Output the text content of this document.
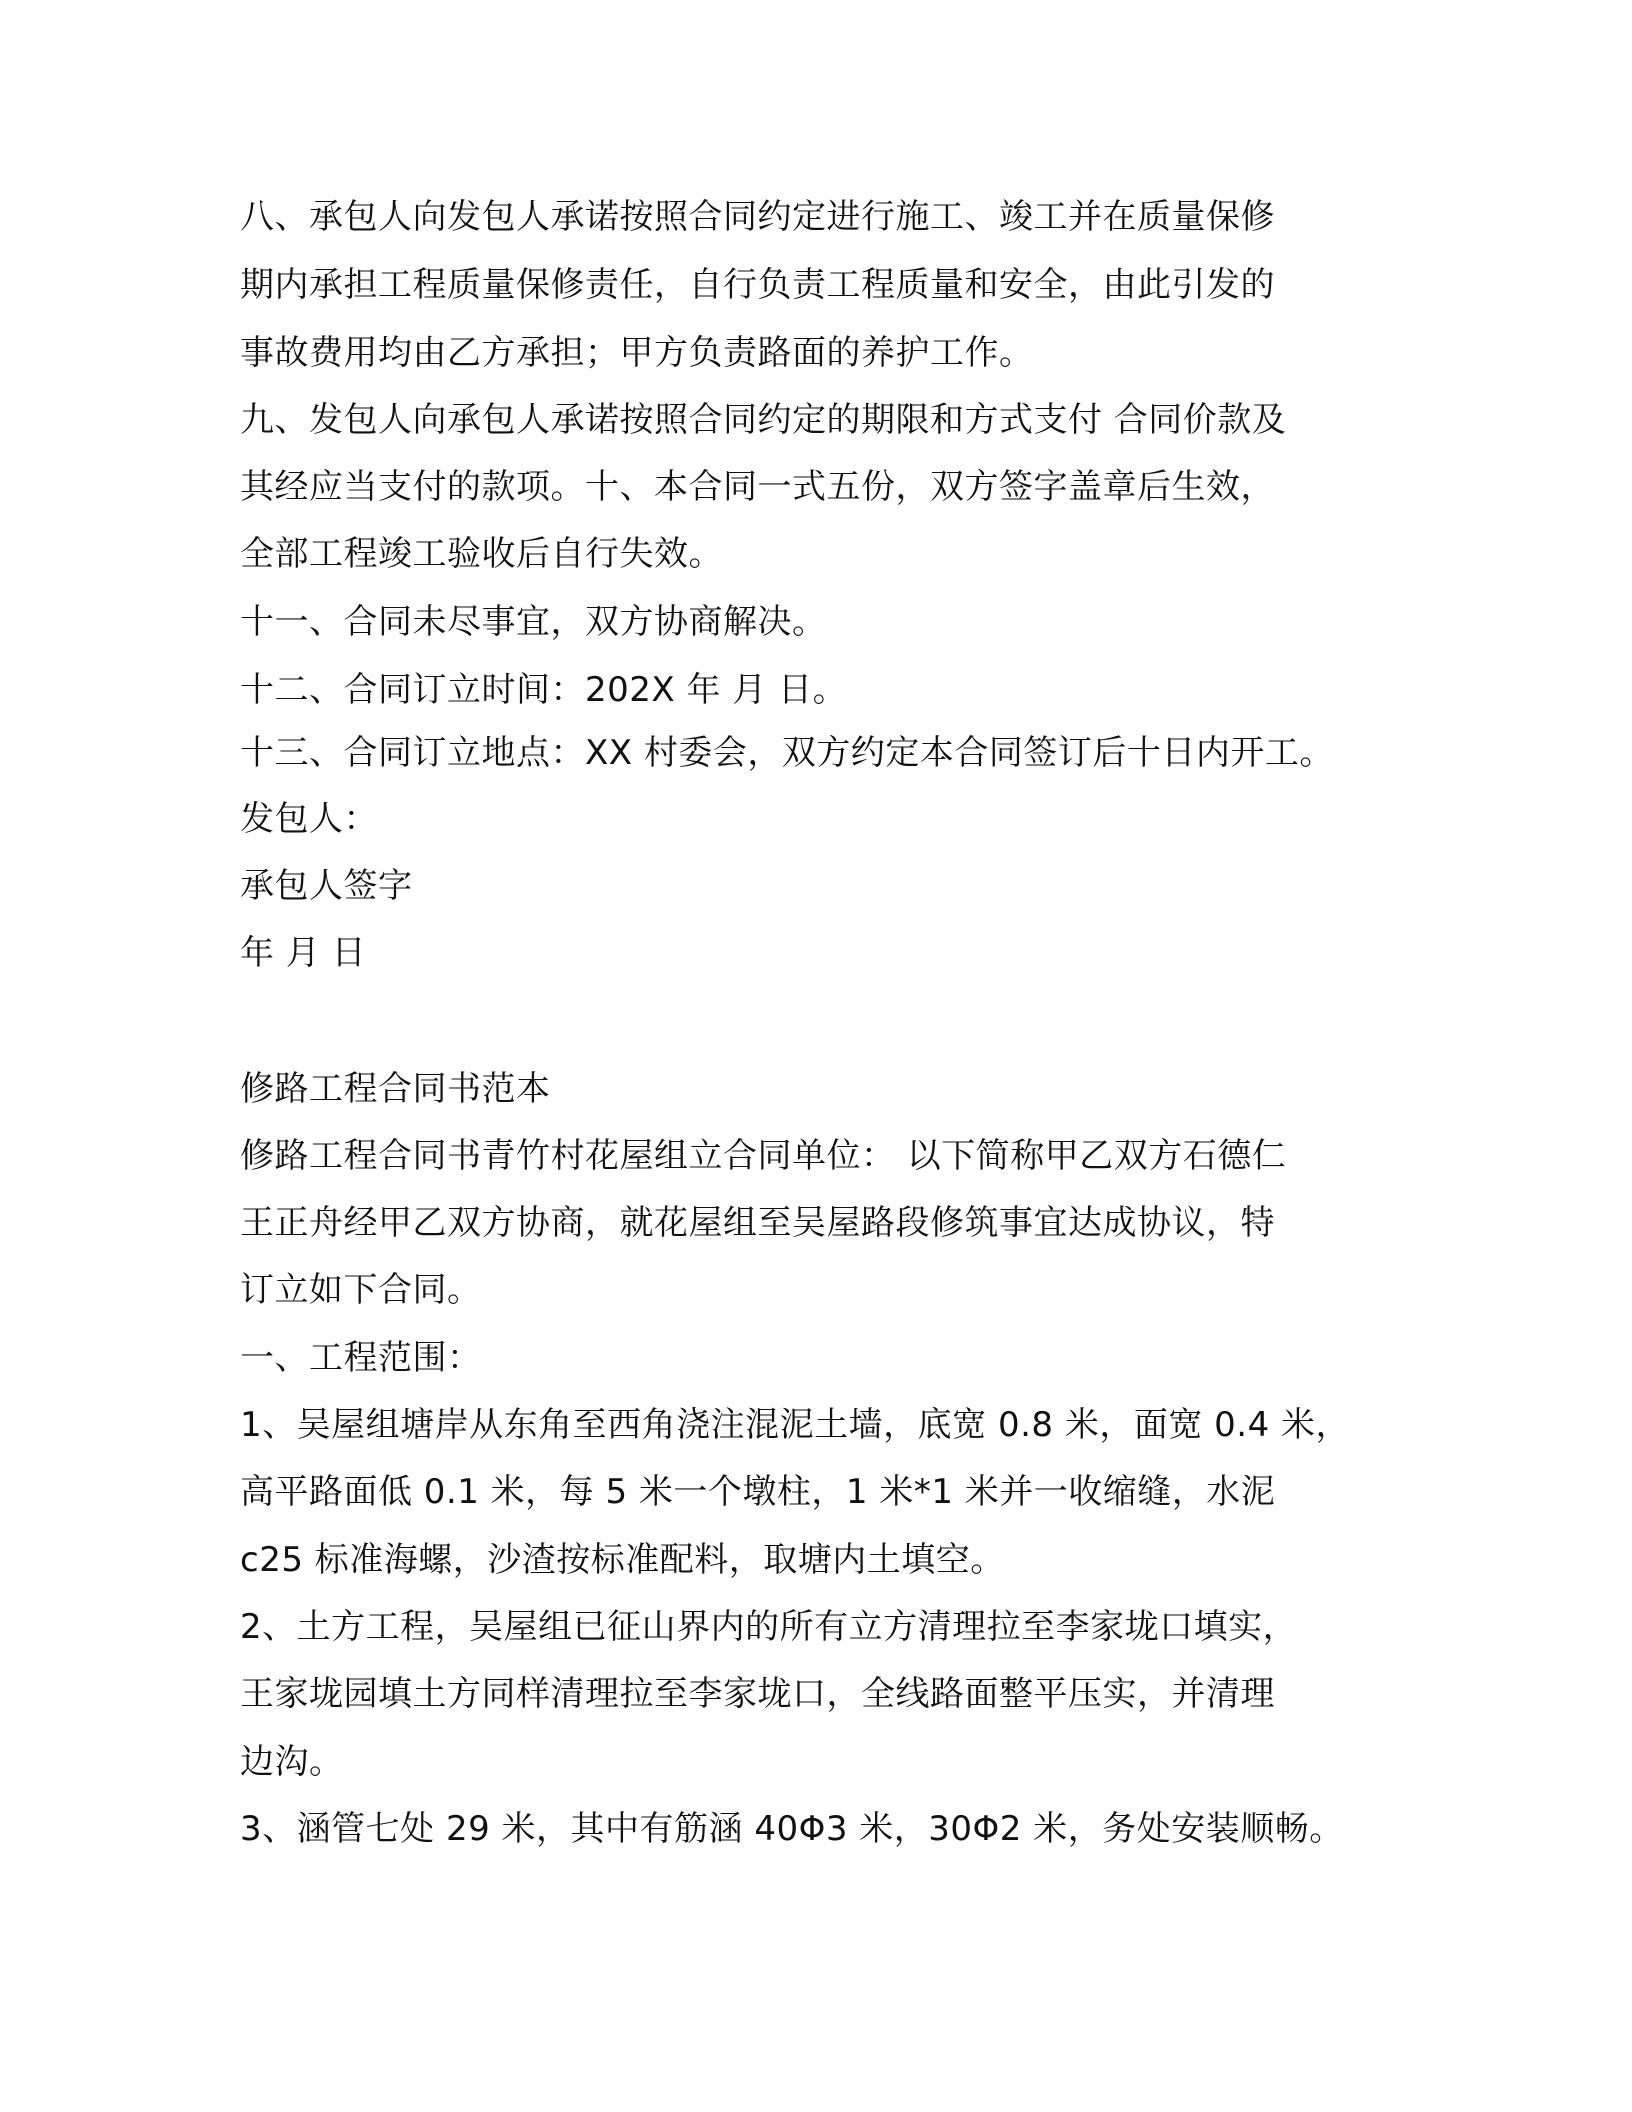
八、承包人向发包人承诺按照合同约定进行施工、竣工并在质量保修
期内承担工程质量保修责任，自行负责工程质量和安全，由此引发的
事故费用均由乙方承担；甲方负责路面的养护工作。
九、发包人向承包人承诺按照合同约定的期限和方式支付 合同价款及
其经应当支付的款项。十、本合同一式五份，双方签字盖章后生效，
全部工程竣工验收后自行失效。
十一、合同未尽事宜，双方协商解决。
十二、合同订立时间：202X 年 月 日。
十三、合同订立地点：XX 村委会，双方约定本合同签订后十日内开工。
发包人：
承包人签字
年 月 日
修路工程合同书范本
修路工程合同书青竹村花屋组立合同单位： 以下简称甲乙双方石德仁
王正舟经甲乙双方协商，就花屋组至吴屋路段修筑事宜达成协议，特
订立如下合同。
一、工程范围：
1、吴屋组塘岸从东角至西角浇注混泥土墙，底宽 0.8 米，面宽 0.4 米，
高平路面低 0.1 米，每 5 米一个墩柱，1 米*1 米并一收缩缝，水泥
c25 标准海螺，沙渣按标准配料，取塘内土填空。
2、土方工程，吴屋组已征山界内的所有立方清理拉至李家垅口填实，
王家垅园填土方同样清理拉至李家垅口，全线路面整平压实，并清理
边沟。
3、涵管七处 29 米，其中有筋涵 40Φ3 米，30Φ2 米，务处安装顺畅。
